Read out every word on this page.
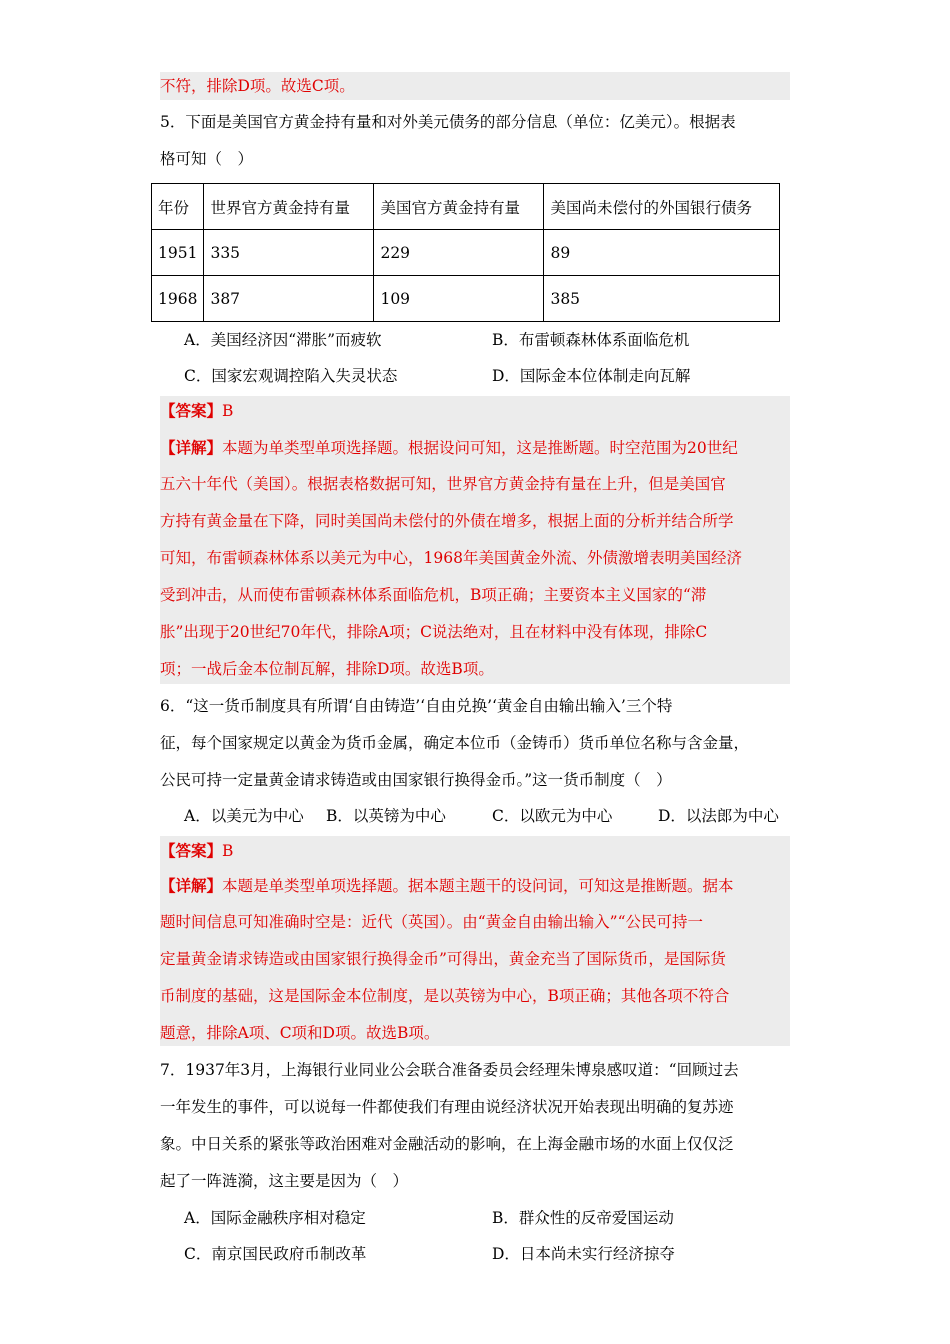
不符，排除D项。故选C项。
5．下面是美国官方黄金持有量和对外美元债务的部分信息（单位：亿美元）。根据表
格可知（　）
年份	世界官方黄金持有量	美国官方黄金持有量	美国尚未偿付的外国银行债务
1951	335	229	89
1968	387	109	385
A．美国经济因“滞胀”而疲软	B．布雷顿森林体系面临危机
C．国家宏观调控陷入失灵状态	D．国际金本位体制走向瓦解
【答案】B
【详解】本题为单类型单项选择题。根据设问可知，这是推断题。时空范围为20世纪
五六十年代（美国）。根据表格数据可知，世界官方黄金持有量在上升，但是美国官
方持有黄金量在下降，同时美国尚未偿付的外债在增多，根据上面的分析并结合所学
可知，布雷顿森林体系以美元为中心，1968年美国黄金外流、外债激增表明美国经济
受到冲击，从而使布雷顿森林体系面临危机，B项正确；主要资本主义国家的“滞
胀”出现于20世纪70年代，排除A项；C说法绝对，且在材料中没有体现，排除C
项；一战后金本位制瓦解，排除D项。故选B项。
6．“这一货币制度具有所谓‘自由铸造’‘自由兑换’‘黄金自由输出输入’三个特
征，每个国家规定以黄金为货币金属，确定本位币（金铸币）货币单位名称与含金量，
公民可持一定量黄金请求铸造或由国家银行换得金币。”这一货币制度（　）
A．以美元为中心 B．以英镑为中心	C．以欧元为中心	D．以法郎为中心
【答案】B
【详解】本题是单类型单项选择题。据本题主题干的设问词，可知这是推断题。据本
题时间信息可知准确时空是：近代（英国）。由“黄金自由输出输入”“公民可持一
定量黄金请求铸造或由国家银行换得金币”可得出，黄金充当了国际货币，是国际货
币制度的基础，这是国际金本位制度，是以英镑为中心，B项正确；其他各项不符合
题意，排除A项、C项和D项。故选B项。
7．1937年3月，上海银行业同业公会联合准备委员会经理朱博泉感叹道：“回顾过去
一年发生的事件，可以说每一件都使我们有理由说经济状况开始表现出明确的复苏迹
象。中日关系的紧张等政治困难对金融活动的影响，在上海金融市场的水面上仅仅泛
起了一阵涟漪，这主要是因为（　）
A．国际金融秩序相对稳定	B．群众性的反帝爱国运动
C．南京国民政府币制改革	D．日本尚未实行经济掠夺
